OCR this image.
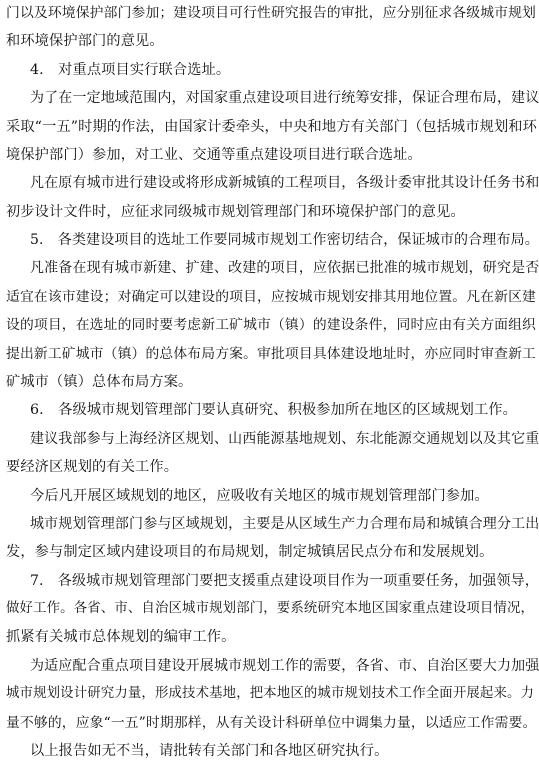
门以及环境保护部门参加；建设项目可行性研究报告的审批，应分别征求各级城市规划
和环境保护部门的意见。
4.　对重点项目实行联合选址。
为了在一定地域范围内，对国家重点建设项目进行统筹安排，保证合理布局，建议
采取“一五”时期的作法，由国家计委牵头，中央和地方有关部门（包括城市规划和环
境保护部门）参加，对工业、交通等重点建设项目进行联合选址。
凡在原有城市进行建设或将形成新城镇的工程项目，各级计委审批其设计任务书和
初步设计文件时，应征求同级城市规划管理部门和环境保护部门的意见。
5.　各类建设项目的选址工作要同城市规划工作密切结合，保证城市的合理布局。
凡准备在现有城市新建、扩建、改建的项目，应依据已批准的城市规划，研究是否
适宜在该市建设；对确定可以建设的项目，应按城市规划安排其用地位置。凡在新区建
设的项目，在选址的同时要考虑新工矿城市（镇）的建设条件，同时应由有关方面组织
提出新工矿城市（镇）的总体布局方案。审批项目具体建设地址时，亦应同时审查新工
矿城市（镇）总体布局方案。
6.　各级城市规划管理部门要认真研究、积极参加所在地区的区域规划工作。
建议我部参与上海经济区规划、山西能源基地规划、东北能源交通规划以及其它重
要经济区规划的有关工作。
今后凡开展区域规划的地区，应吸收有关地区的城市规划管理部门参加。
城市规划管理部门参与区域规划，主要是从区域生产力合理布局和城镇合理分工出
发，参与制定区域内建设项目的布局规划，制定城镇居民点分布和发展规划。
7.　各级城市规划管理部门要把支援重点建设项目作为一项重要任务，加强领导，
做好工作。各省、市、自治区城市规划部门，要系统研究本地区国家重点建设项目情况，
抓紧有关城市总体规划的编审工作。
为适应配合重点项目建设开展城市规划工作的需要，各省、市、自治区要大力加强
城市规划设计研究力量，形成技术基地，把本地区的城市规划技术工作全面开展起来。力
量不够的，应象“一五”时期那样，从有关设计科研单位中调集力量，以适应工作需要。
以上报告如无不当，请批转有关部门和各地区研究执行。
